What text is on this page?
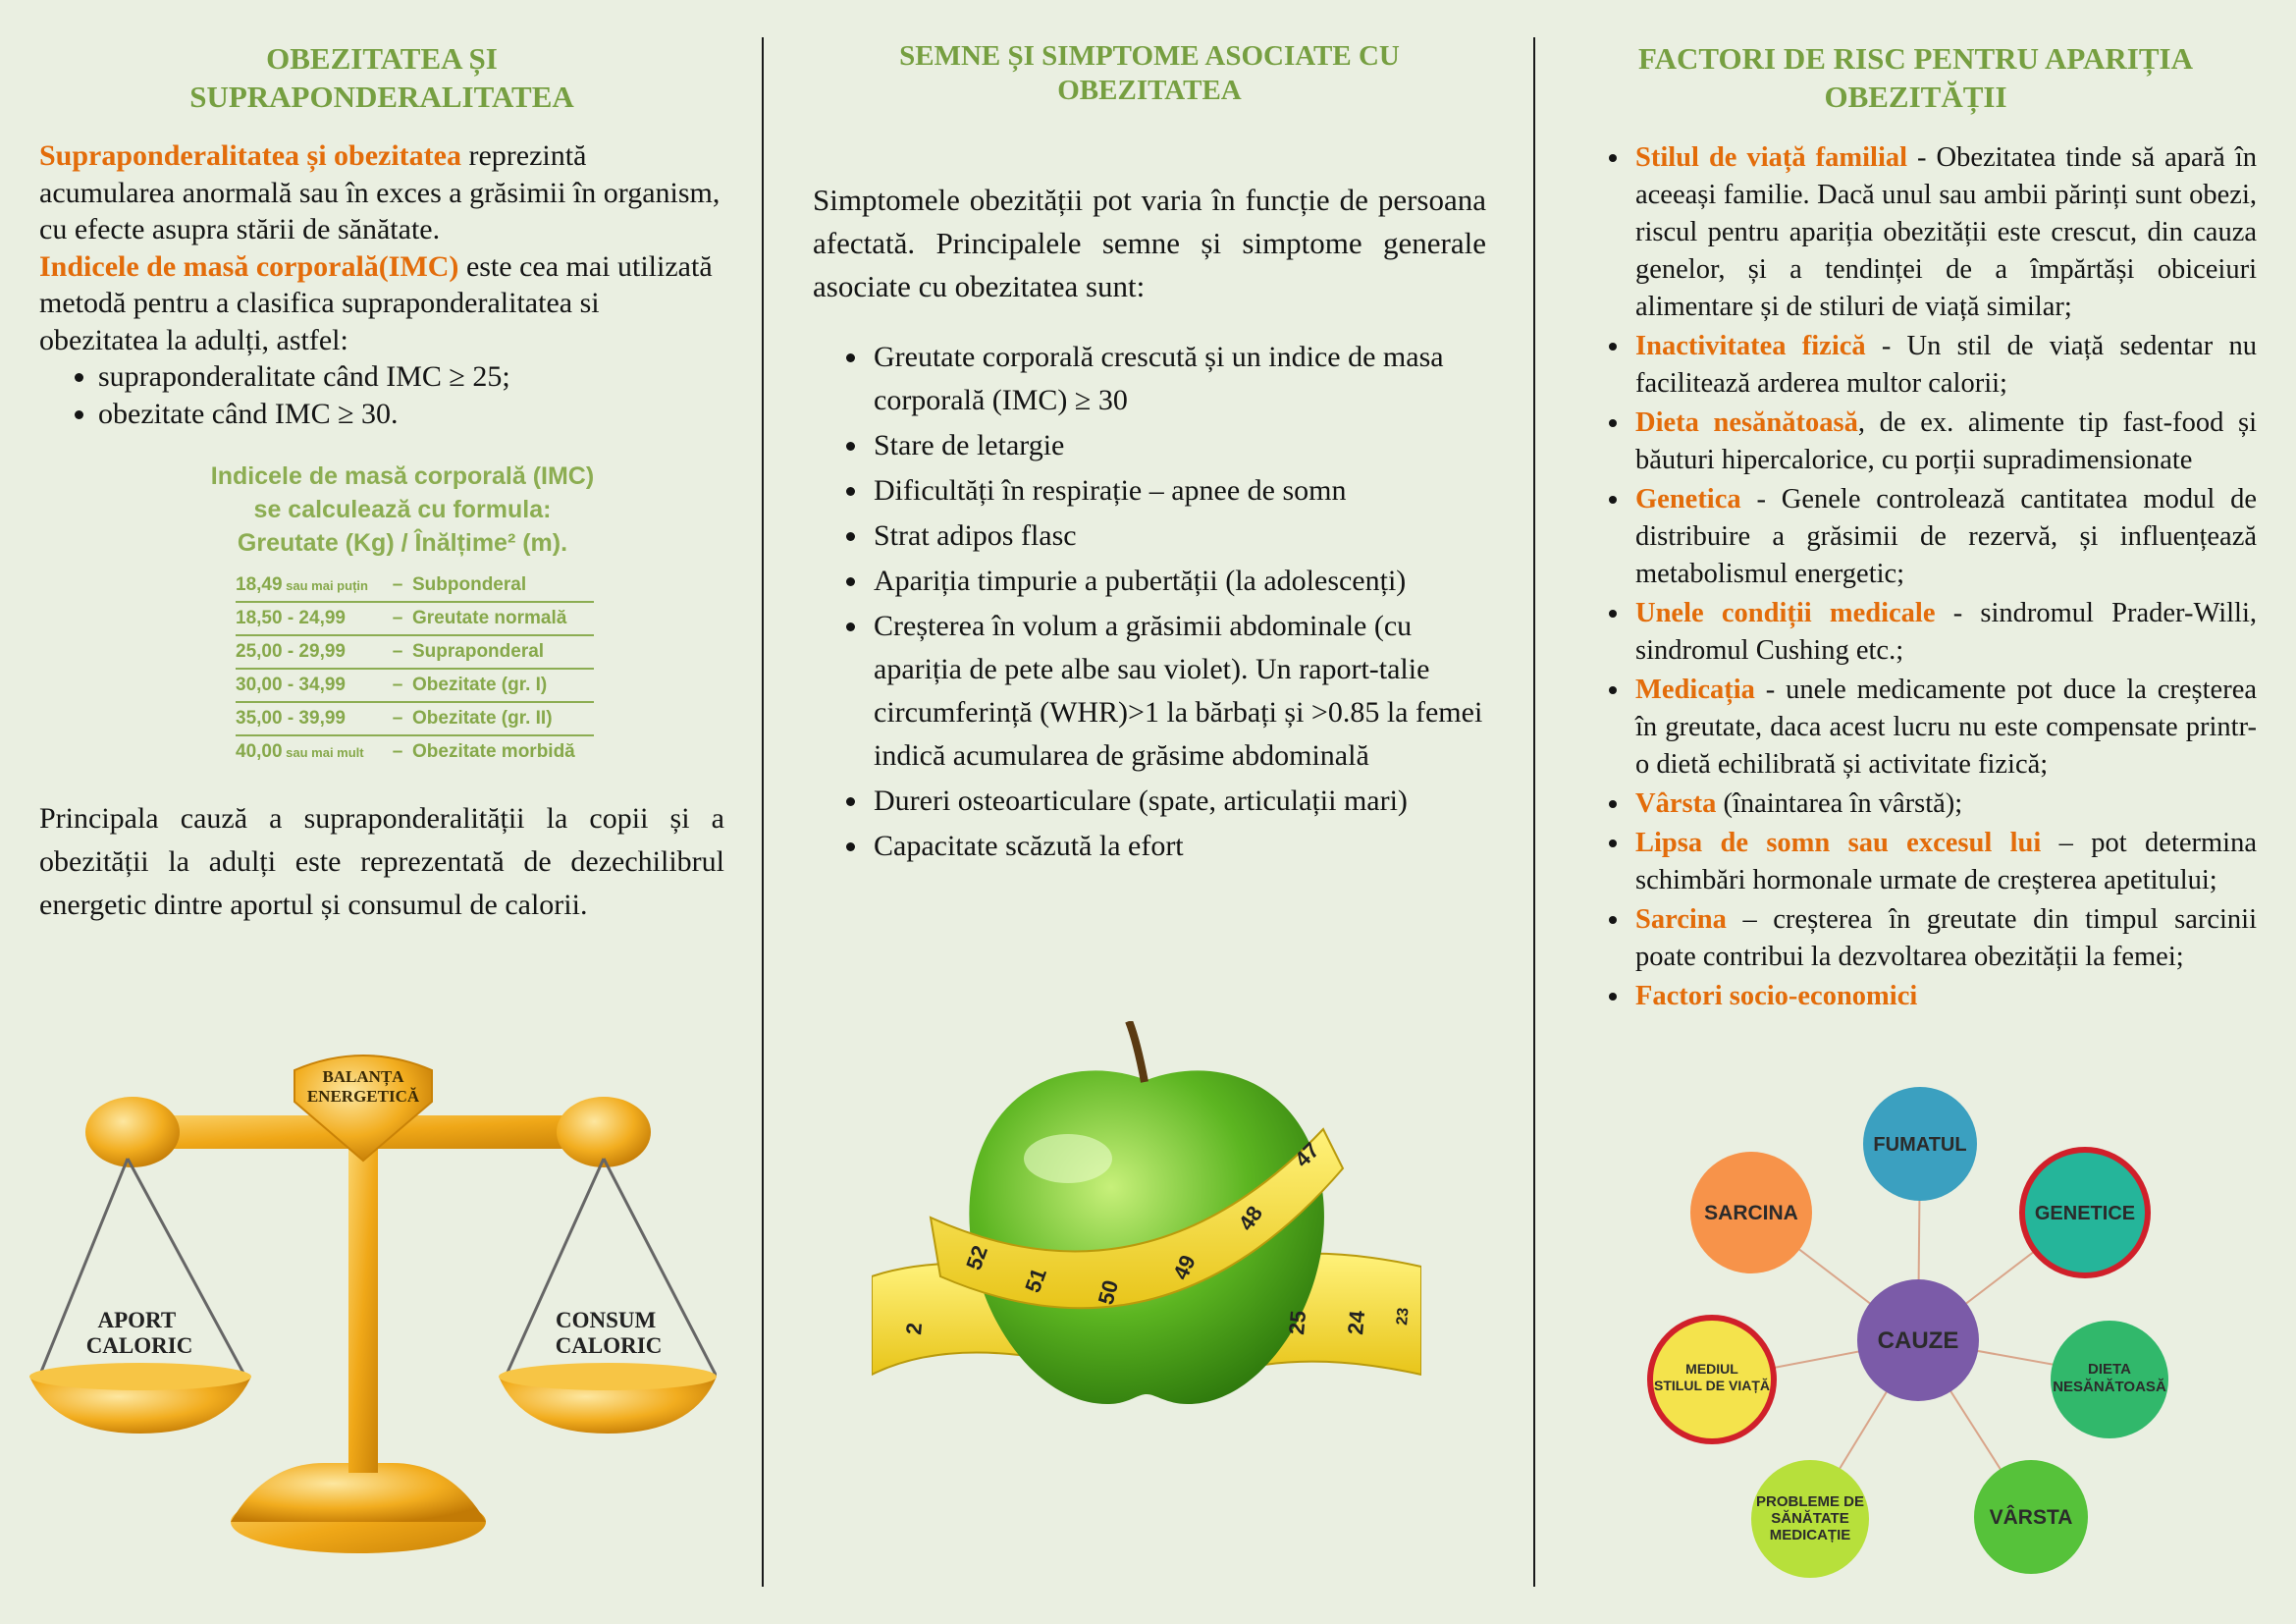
OBEZITATEA ȘI SUPRAPONDERALITATEA

Supraponderalitatea și obezitatea reprezintă acumularea anormală sau în exces a grăsimii în organism, cu efecte asupra stării de sănătate.
Indicele de masă corporală(IMC) este cea mai utilizată metodă pentru a clasifica supraponderalitatea si obezitatea la adulți, astfel:

• supraponderalitate când IMC ≥ 25;
• obezitate când IMC ≥ 30.
Indicele de masă corporală (IMC)
se calculează cu formula:
Greutate (Kg) / Înălțime² (m).
18,49 sau mai puțin	– Subponderal
18,50 - 24,99	– Greutate normală
25,00 - 29,99	– Supraponderal
30,00 - 34,99	– Obezitate (gr. I)
35,00 - 39,99	– Obezitate (gr. II)
40,00 sau mai mult	– Obezitate morbidă

Principala cauză a supraponderalității la copii și a obezității la adulți este reprezentată de dezechilibrul energetic dintre aportul și consumul de calorii.

BALANȚA
ENERGETICĂ
APORT CALORIC
CONSUM CALORIC
SEMNE ȘI SIMPTOME ASOCIATE CU OBEZITATEA

Simptomele obezității pot varia în funcție de persoana afectată. Principalele semne și simptome generale asociate cu obezitatea sunt:

• Greutate corporală crescută și un indice de masa corporală (IMC) ≥ 30
• Stare de letargie
• Dificultăți în respirație – apnee de somn
• Strat adipos flasc
• Apariția timpurie a pubertății (la adolescenți)
• Creșterea în volum a grăsimii abdominale (cu apariția de pete albe sau violet). Un raport-talie circumferință (WHR)>1 la bărbați și >0.85 la femei indică acumularea de grăsime abdominală
• Dureri osteoarticulare (spate, articulații mari)
• Capacitate scăzută la efort
52
51 50
49
48
47
2	25 24 23
FACTORI DE RISC PENTRU APARIȚIA OBEZITĂȚII
• Stilul de viață familial - Obezitatea tinde să apară în aceeași familie. Dacă unul sau ambii părinți sunt obezi, riscul pentru apariția obezității este crescut, din cauza genelor, și a tendinței de a împărtăși obiceiuri alimentare și de stiluri de viață similar;
• Inactivitatea fizică - Un stil de viață sedentar nu facilitează arderea multor calorii;
• Dieta nesănătoasă, de ex. alimente tip fast-food și băuturi hipercalorice, cu porții supradimensionate
• Genetica - Genele controlează cantitatea modul de distribuire a grăsimii de rezervă, și influențează metabolismul energetic;
• Unele condiții medicale - sindromul Prader-Willi, sindromul Cushing etc.;
• Medicația - unele medicamente pot duce la creșterea în greutate, daca acest lucru nu este compensate printr-o dietă echilibrată și activitate fizică;
• Vârsta (înaintarea în vârstă);
• Lipsa de somn sau excesul lui – pot determina schimbări hormonale urmate de creșterea apetitului;
• Sarcina – creșterea în greutate din timpul sarcinii poate contribui la dezvoltarea obezității la femei;
• Factori socio-economici
FUMATUL
GENETICE
DIETA
NESĂNĂTOASĂ
VÂRSTA
PROBLEME DE
SĂNĂTATE
MEDICAȚIE
MEDIUL
STILUL DE VIAȚĂ
SARCINA
CAUZE
